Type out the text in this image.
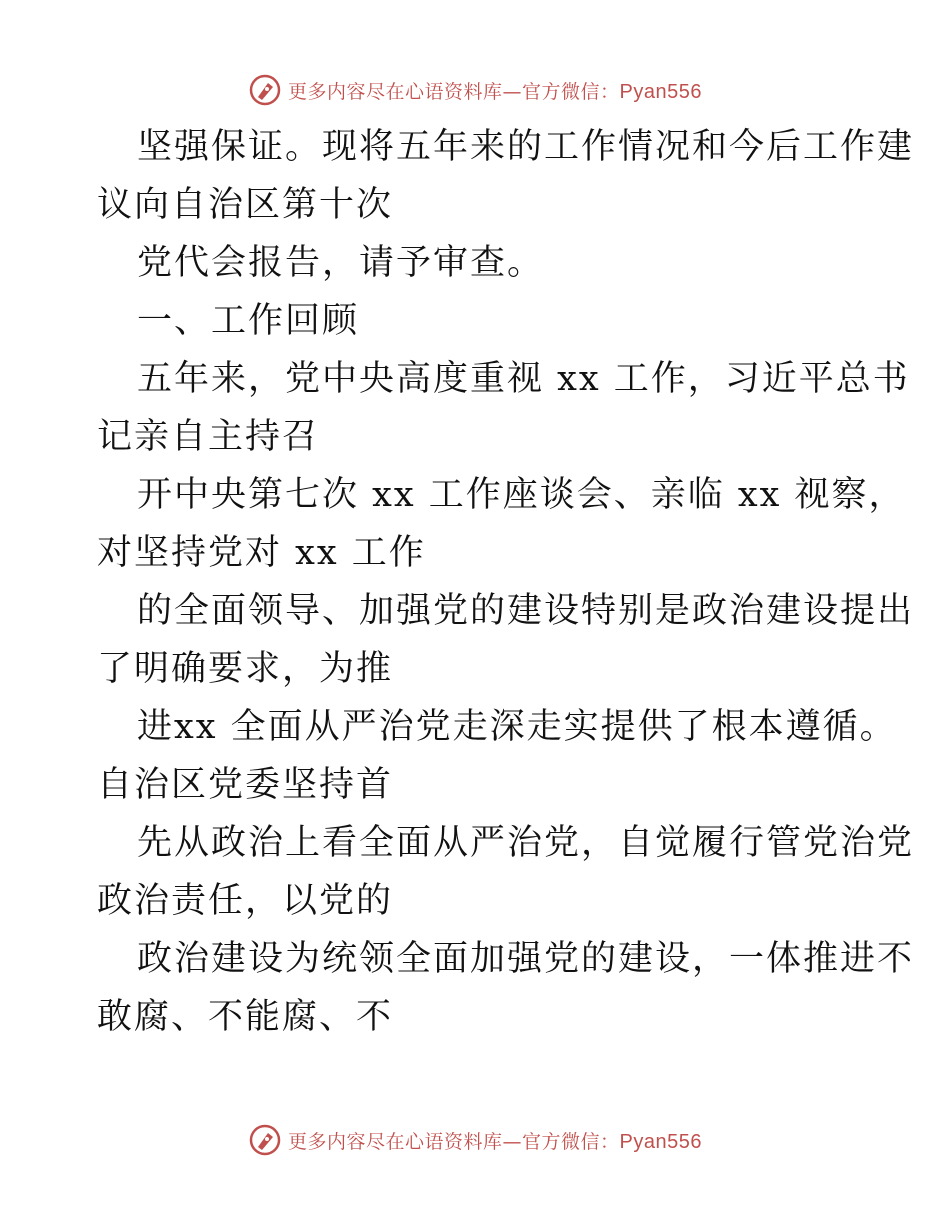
更多内容尽在心语资料库—官方微信：Pyan556
坚强保证。现将五年来的工作情况和今后工作建
议向自治区第十次
党代会报告，请予审查。
一、工作回顾
五年来，党中央高度重视 xx 工作，习近平总书
记亲自主持召
开中央第七次 xx 工作座谈会、亲临 xx 视察，
对坚持党对 xx 工作
的全面领导、加强党的建设特别是政治建设提出
了明确要求，为推
进xx 全面从严治党走深走实提供了根本遵循。
自治区党委坚持首
先从政治上看全面从严治党，自觉履行管党治党
政治责任，以党的
政治建设为统领全面加强党的建设，一体推进不
敢腐、不能腐、不
更多内容尽在心语资料库—官方微信：Pyan556
